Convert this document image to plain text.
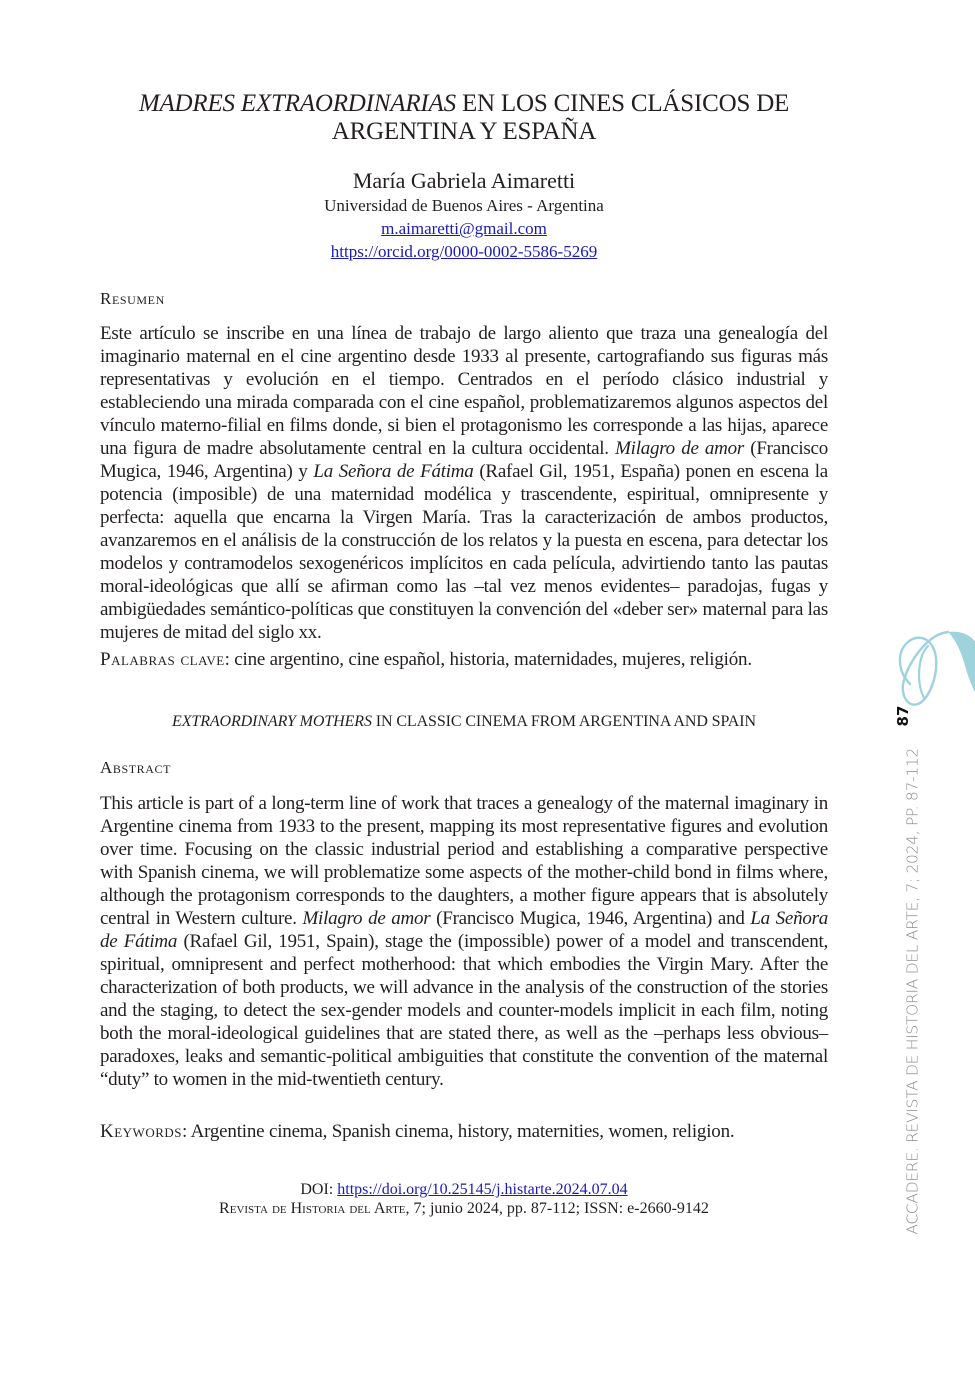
MADRES EXTRAORDINARIAS EN LOS CINES CLÁSICOS DE
ARGENTINA Y ESPAÑA
María Gabriela Aimaretti
Universidad de Buenos Aires - Argentina
m.aimaretti@gmail.com
https://orcid.org/0000-0002-5586-5269
Resumen
Este artículo se inscribe en una línea de trabajo de largo aliento que traza una genealogía del imaginario maternal en el cine argentino desde 1933 al presente, cartografiando sus figuras más representativas y evolución en el tiempo. Centrados en el período clásico industrial y estableciendo una mirada comparada con el cine español, problematizaremos algunos aspectos del vínculo materno-filial en films donde, si bien el protagonismo les corresponde a las hijas, aparece una figura de madre absolutamente central en la cultura occidental. Milagro de amor (Francisco Mugica, 1946, Argentina) y La Señora de Fátima (Rafael Gil, 1951, España) ponen en escena la potencia (imposible) de una maternidad modélica y trascendente, espiritual, omnipresente y perfecta: aquella que encarna la Virgen María. Tras la caracterización de ambos productos, avanzaremos en el análisis de la construcción de los relatos y la puesta en escena, para detectar los modelos y contramodelos sexogenéricos implícitos en cada película, advirtiendo tanto las pautas moral-ideológicas que allí se afirman como las –tal vez menos evidentes– paradojas, fugas y ambigüedades semántico-políticas que constituyen la convención del «deber ser» maternal para las mujeres de mitad del siglo xx.
Palabras clave: cine argentino, cine español, historia, maternidades, mujeres, religión.
EXTRAORDINARY MOTHERS IN CLASSIC CINEMA FROM ARGENTINA AND SPAIN
Abstract
This article is part of a long-term line of work that traces a genealogy of the maternal imaginary in Argentine cinema from 1933 to the present, mapping its most representative figures and evolution over time. Focusing on the classic industrial period and establishing a comparative perspective with Spanish cinema, we will problematize some aspects of the mother-child bond in films where, although the protagonism corresponds to the daughters, a mother figure appears that is absolutely central in Western culture. Milagro de amor (Francisco Mugica, 1946, Argentina) and La Señora de Fátima (Rafael Gil, 1951, Spain), stage the (impossible) power of a model and transcendent, spiritual, omnipresent and perfect motherhood: that which embodies the Virgin Mary. After the characterization of both products, we will advance in the analysis of the construction of the stories and the staging, to detect the sex-gender models and counter-models implicit in each film, noting both the moral-ideological guidelines that are stated there, as well as the –perhaps less obvious–paradoxes, leaks and semantic-political ambiguities that constitute the convention of the maternal “duty” to women in the mid-twentieth century.
Keywords: Argentine cinema, Spanish cinema, history, maternities, women, religion.
DOI: https://doi.org/10.25145/j.histarte.2024.07.04
Revista de Historia del Arte, 7; junio 2024, pp. 87-112; ISSN: e-2660-9142
87
ACCADERE. REVISTA DE HISTORIA DEL ARTE, 7; 2024, PP. 87-112
